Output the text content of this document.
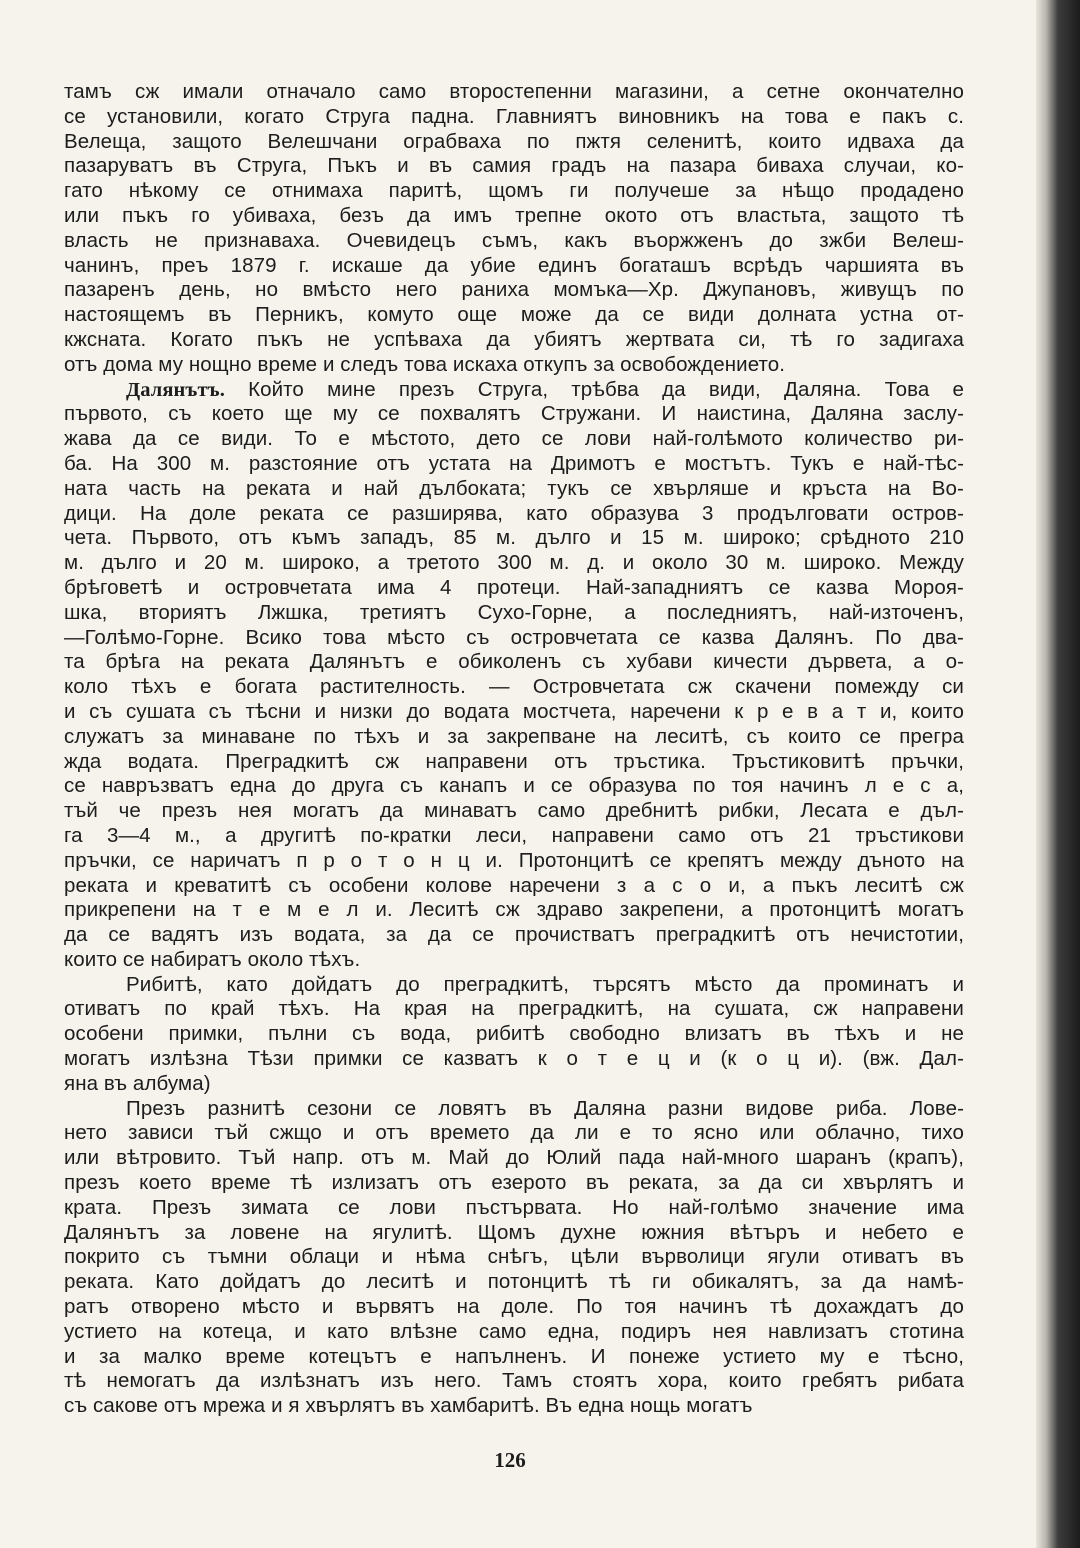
тамъ сж имали отначало само второстепенни магазини, а сетне окончателно
се установили, когато Струга падна. Главниятъ виновникъ на това е пакъ с.
Велеща, защото Велешчани ограбваха по пжтя селенитѣ, които идваха да
пазаруватъ въ Струга, Пъкъ и въ самия градъ на пазара биваха случаи, ко-
гато нѣкому се отнимаха паритѣ, щомъ ги получеше за нѣщо продадено
или пъкъ го убиваха, безъ да имъ трепне окото отъ властьта, защото тѣ
власть не признаваха. Очевидецъ съмъ, какъ въоржженъ до зжби Велеш-
чанинъ, преъ 1879 г. искаше да убие единъ богаташъ всрѣдъ чаршията въ
пазаренъ день, но вмѣсто него раниха момъка—Хр. Джупановъ, живущъ по
настоящемъ въ Перникъ, комуто още може да се види долната устна от-
кжсната. Когато пъкъ не успѣваха да убиятъ жертвата си, тѣ го задигаха
отъ дома му нощно време и следъ това искаха откупъ за освобождението.
Далянътъ. Който мине презъ Струга, трѣбва да види, Даляна. Това е
първото, съ което ще му се похвалятъ Стружани. И наистина, Даляна заслу-
жава да се види. То е мѣстото, дето се лови най-голѣмото количество ри-
ба. На 300 м. разстояние отъ устата на Дримотъ е мостътъ. Тукъ е най-тѣс-
ната часть на реката и най дълбоката; тукъ се хвърляше и кръста на Во-
дици. На доле реката се разширява, като образува 3 продълговати остров-
чета. Първото, отъ къмъ западъ, 85 м. дълго и 15 м. широко; срѣдното 210
м. дълго и 20 м. широко, а третото 300 м. д. и около 30 м. широко. Между
брѣговетѣ и островчетата има 4 протеци. Най-западниятъ се казва Мороя-
шка, вториятъ Лжшка, третиятъ Сухо-Горне, а последниятъ, най-източенъ,
—Голѣмо-Горне. Всико това мѣсто съ островчетата се казва Далянъ. По два-
та брѣга на реката Далянътъ е обиколенъ съ хубави кичести дървета, а о-
коло тѣхъ е богата растителность. — Островчетата сж скачени помежду си
и съ сушата съ тѣсни и низки до водата мостчета, наречени к р е в а т и, които
служатъ за минаване по тѣхъ и за закрепване на леситѣ, съ които се прегра
жда водата. Преградкитѣ сж направени отъ тръстика. Тръстиковитѣ пръчки,
се навръзватъ една до друга съ канапъ и се образува по тоя начинъ л е с а,
тъй че презъ нея могатъ да минаватъ само дребнитѣ рибки, Лесата е дъл-
га 3—4 м., а другитѣ по-кратки леси, направени само отъ 21 тръстикови
пръчки, се наричатъ п р о т о н ц и. Протонцитѣ се крепятъ между дъното на
реката и креватитѣ съ особени колове наречени з а с о и, а пъкъ леситѣ сж
прикрепени на т е м е л и. Леситѣ сж здраво закрепени, а протонцитѣ могатъ
да се вадятъ изъ водата, за да се прочистватъ преградкитѣ отъ нечистотии,
които се набиратъ около тѣхъ.
Рибитѣ, като дойдатъ до преградкитѣ, търсятъ мѣсто да проминатъ и
отиватъ по край тѣхъ. На края на преградкитѣ, на сушата, сж направени
особени примки, пълни съ вода, рибитѣ свободно влизатъ въ тѣхъ и не
могатъ излѣзна Тѣзи примки се казватъ к о т е ц и (к о ц и). (вж. Дал-
яна въ албума)
Презъ разнитѣ сезони се ловятъ въ Даляна разни видове риба. Лове-
нето зависи тъй сжщо и отъ времето да ли е то ясно или облачно, тихо
или вѣтровито. Тъй напр. отъ м. Май до Юлий пада най-много шаранъ (крапъ),
презъ което време тѣ излизатъ отъ езерото въ реката, за да си хвърлятъ и
крата. Презъ зимата се лови пъстървата. Но най-голѣмо значение има
Далянътъ за ловене на ягулитѣ. Щомъ духне южния вѣтъръ и небето е
покрито съ тъмни облаци и нѣма снѣгъ, цѣли върволици ягули отиватъ въ
реката. Като дойдатъ до леситѣ и потонцитѣ тѣ ги обикалятъ, за да намѣ-
ратъ отворено мѣсто и вървятъ на доле. По тоя начинъ тѣ дохаждатъ до
устието на котеца, и като влѣзне само една, подиръ нея навлизатъ стотина
и за малко време котецътъ е напълненъ. И понеже устието му е тѣсно,
тѣ немогатъ да излѣзнатъ изъ него. Тамъ стоятъ хора, които гребятъ рибата
съ сакове отъ мрежа и я хвърлятъ въ хамбаритѣ. Въ една нощь могатъ
126
